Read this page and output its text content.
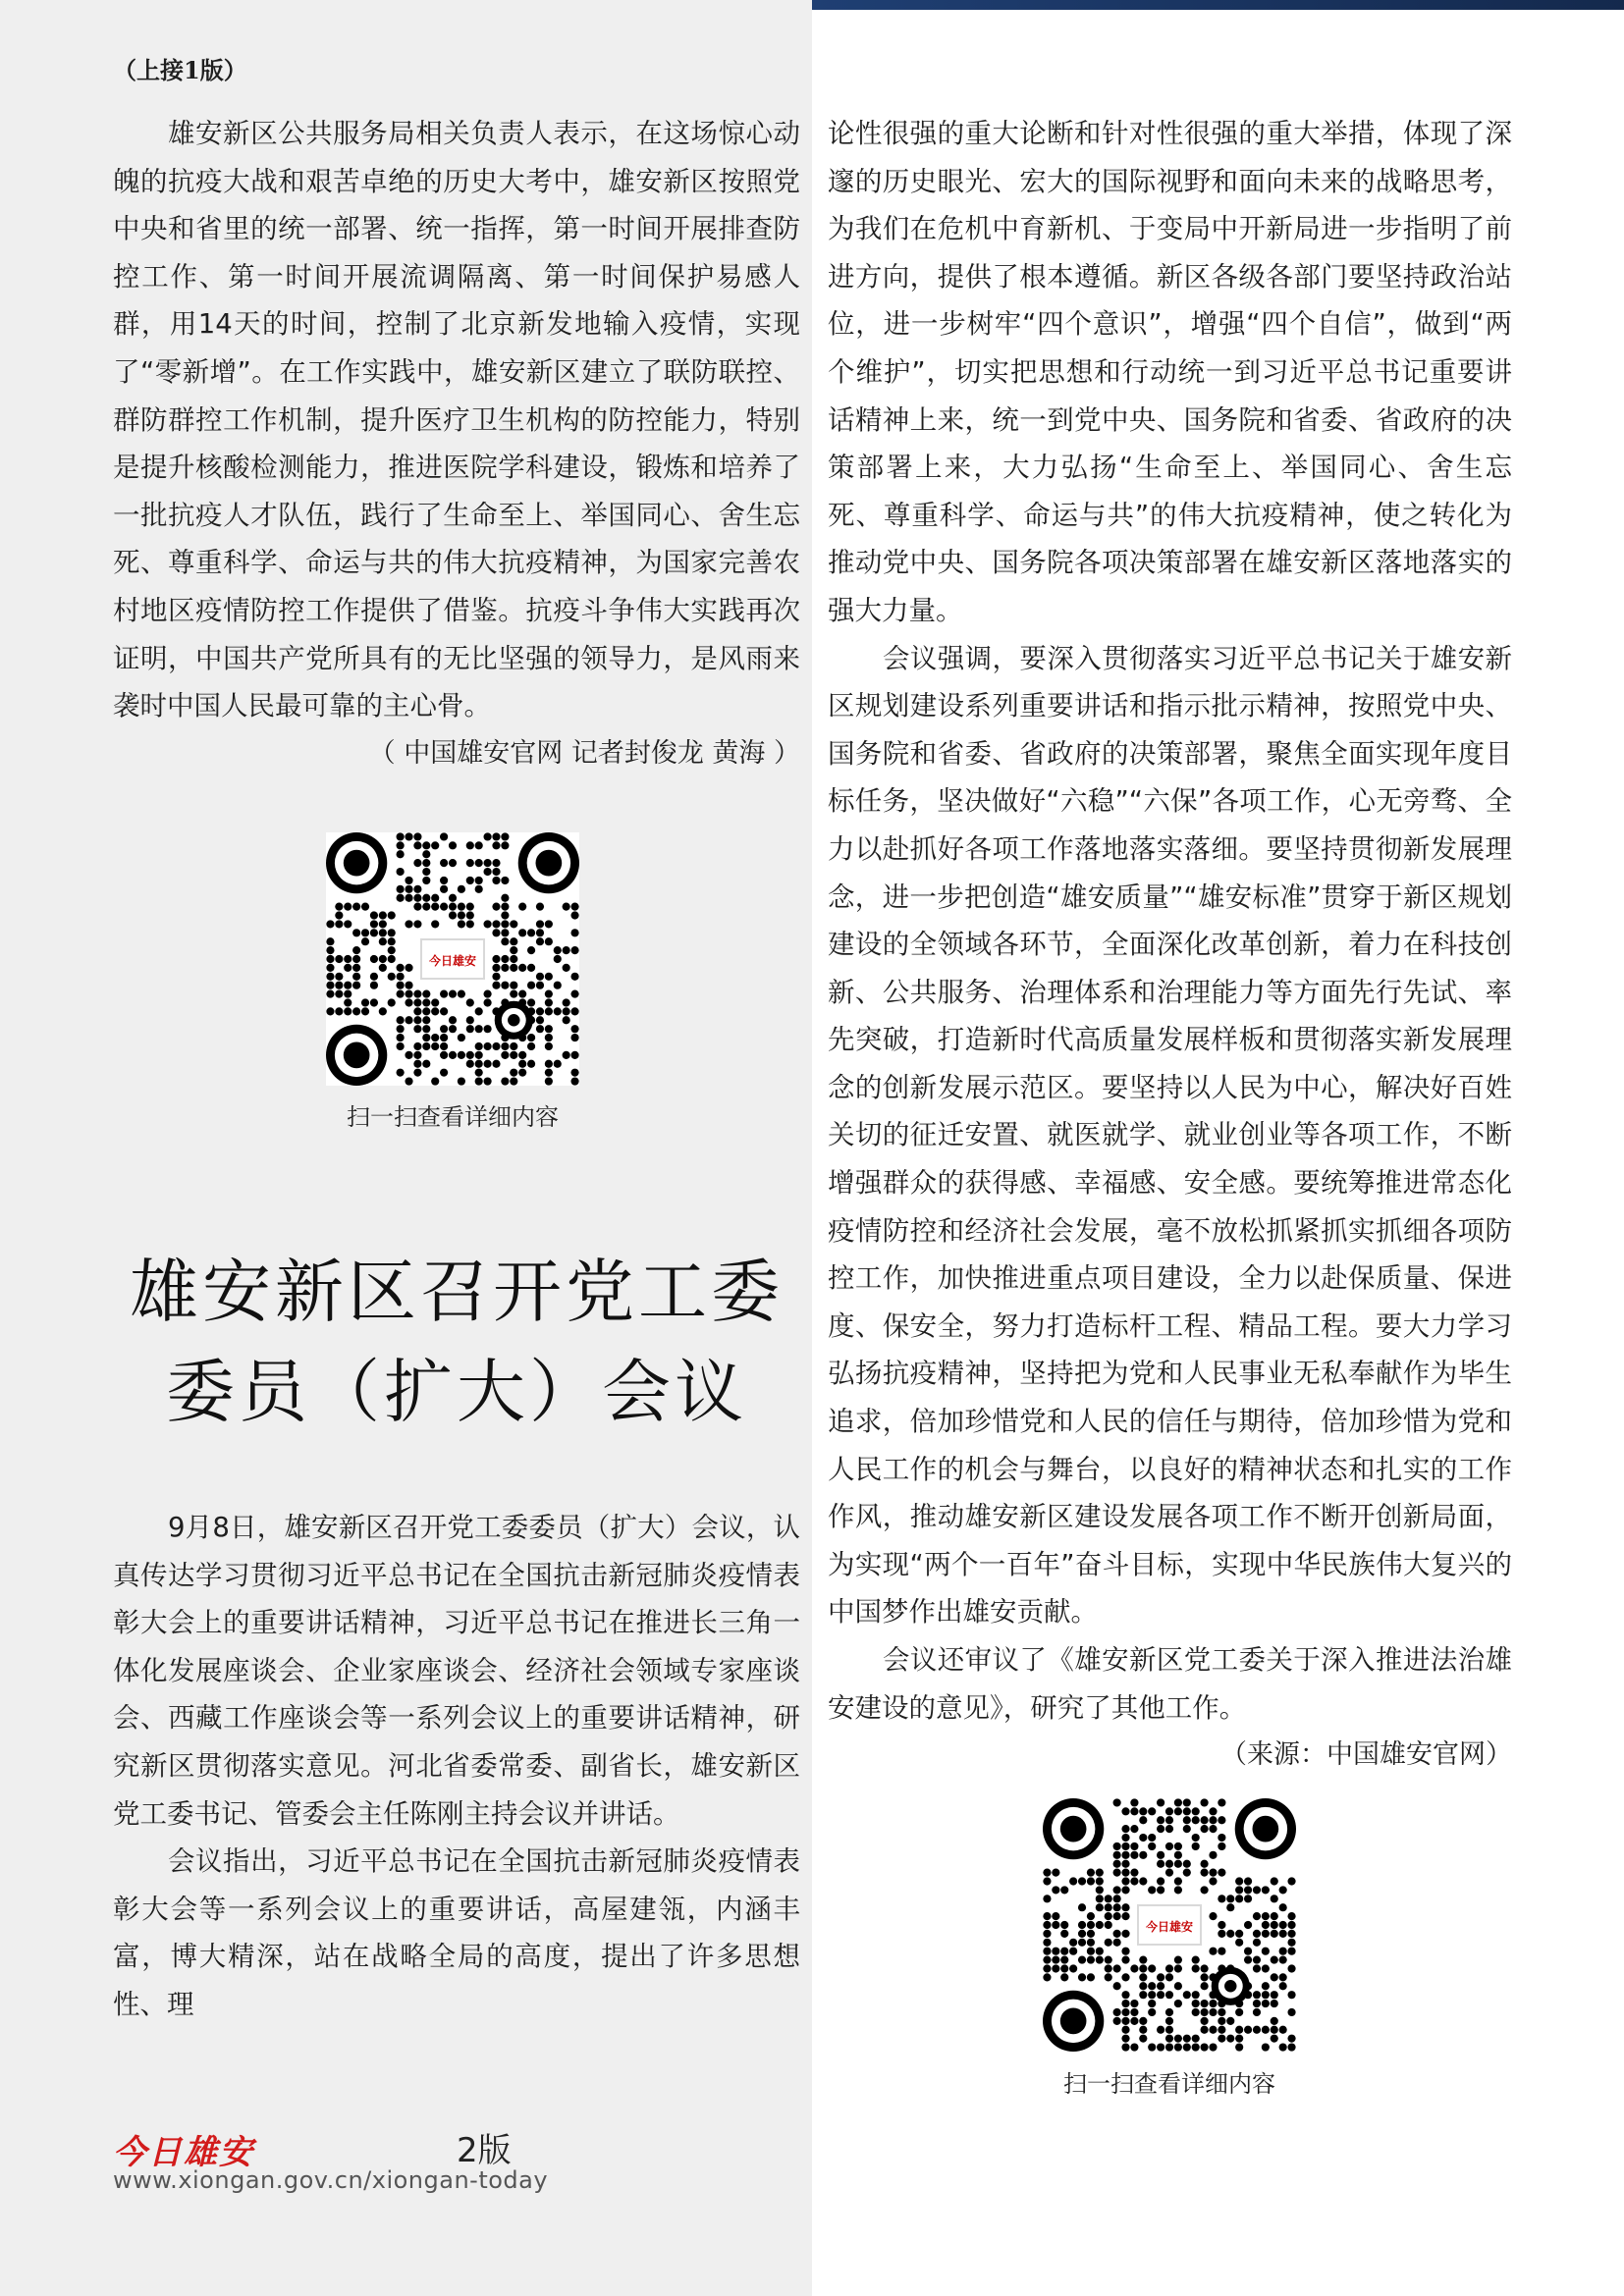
（上接1版）

雄安新区公共服务局相关负责人表示，在这场惊心动魄的抗疫大战和艰苦卓绝的历史大考中，雄安新区按照党中央和省里的统一部署、统一指挥，第一时间开展排查防控工作、第一时间开展流调隔离、第一时间保护易感人群，用14天的时间，控制了北京新发地输入疫情，实现了“零新增”。在工作实践中，雄安新区建立了联防联控、群防群控工作机制，提升医疗卫生机构的防控能力，特别是提升核酸检测能力，推进医院学科建设，锻炼和培养了一批抗疫人才队伍，践行了生命至上、举国同心、舍生忘死、尊重科学、命运与共的伟大抗疫精神，为国家完善农村地区疫情防控工作提供了借鉴。抗疫斗争伟大实践再次证明，中国共产党所具有的无比坚强的领导力，是风雨来袭时中国人民最可靠的主心骨。

（ 中国雄安官网 记者封俊龙 黄海 ）

今日雄安
扫一扫查看详细内容
雄安新区召开党工委
委员（扩大）会议

9月8日，雄安新区召开党工委委员（扩大）会议，认真传达学习贯彻习近平总书记在全国抗击新冠肺炎疫情表彰大会上的重要讲话精神，习近平总书记在推进长三角一体化发展座谈会、企业家座谈会、经济社会领域专家座谈会、西藏工作座谈会等一系列会议上的重要讲话精神，研究新区贯彻落实意见。河北省委常委、副省长，雄安新区党工委书记、管委会主任陈刚主持会议并讲话。

会议指出，习近平总书记在全国抗击新冠肺炎疫情表彰大会等一系列会议上的重要讲话，高屋建瓴，内涵丰富，博大精深，站在战略全局的高度，提出了许多思想性、理

论性很强的重大论断和针对性很强的重大举措，体现了深邃的历史眼光、宏大的国际视野和面向未来的战略思考，为我们在危机中育新机、于变局中开新局进一步指明了前进方向，提供了根本遵循。新区各级各部门要坚持政治站位，进一步树牢“四个意识”，增强“四个自信”，做到“两个维护”，切实把思想和行动统一到习近平总书记重要讲话精神上来，统一到党中央、国务院和省委、省政府的决策部署上来，大力弘扬“生命至上、举国同心、舍生忘死、尊重科学、命运与共”的伟大抗疫精神，使之转化为推动党中央、国务院各项决策部署在雄安新区落地落实的强大力量。

会议强调，要深入贯彻落实习近平总书记关于雄安新区规划建设系列重要讲话和指示批示精神，按照党中央、国务院和省委、省政府的决策部署，聚焦全面实现年度目标任务，坚决做好“六稳”“六保”各项工作，心无旁骛、全力以赴抓好各项工作落地落实落细。要坚持贯彻新发展理念，进一步把创造“雄安质量”“雄安标准”贯穿于新区规划建设的全领域各环节，全面深化改革创新，着力在科技创新、公共服务、治理体系和治理能力等方面先行先试、率先突破，打造新时代高质量发展样板和贯彻落实新发展理念的创新发展示范区。要坚持以人民为中心，解决好百姓关切的征迁安置、就医就学、就业创业等各项工作，不断增强群众的获得感、幸福感、安全感。要统筹推进常态化疫情防控和经济社会发展，毫不放松抓紧抓实抓细各项防控工作，加快推进重点项目建设，全力以赴保质量、保进度、保安全，努力打造标杆工程、精品工程。要大力学习弘扬抗疫精神，坚持把为党和人民事业无私奉献作为毕生追求，倍加珍惜党和人民的信任与期待，倍加珍惜为党和人民工作的机会与舞台，以良好的精神状态和扎实的工作作风，推动雄安新区建设发展各项工作不断开创新局面，为实现“两个一百年”奋斗目标，实现中华民族伟大复兴的中国梦作出雄安贡献。

会议还审议了《雄安新区党工委关于深入推进法治雄安建设的意见》，研究了其他工作。

（来源：中国雄安官网）

今日雄安
扫一扫查看详细内容
今日雄安	2版
www.xiongan.gov.cn/xiongan-today
